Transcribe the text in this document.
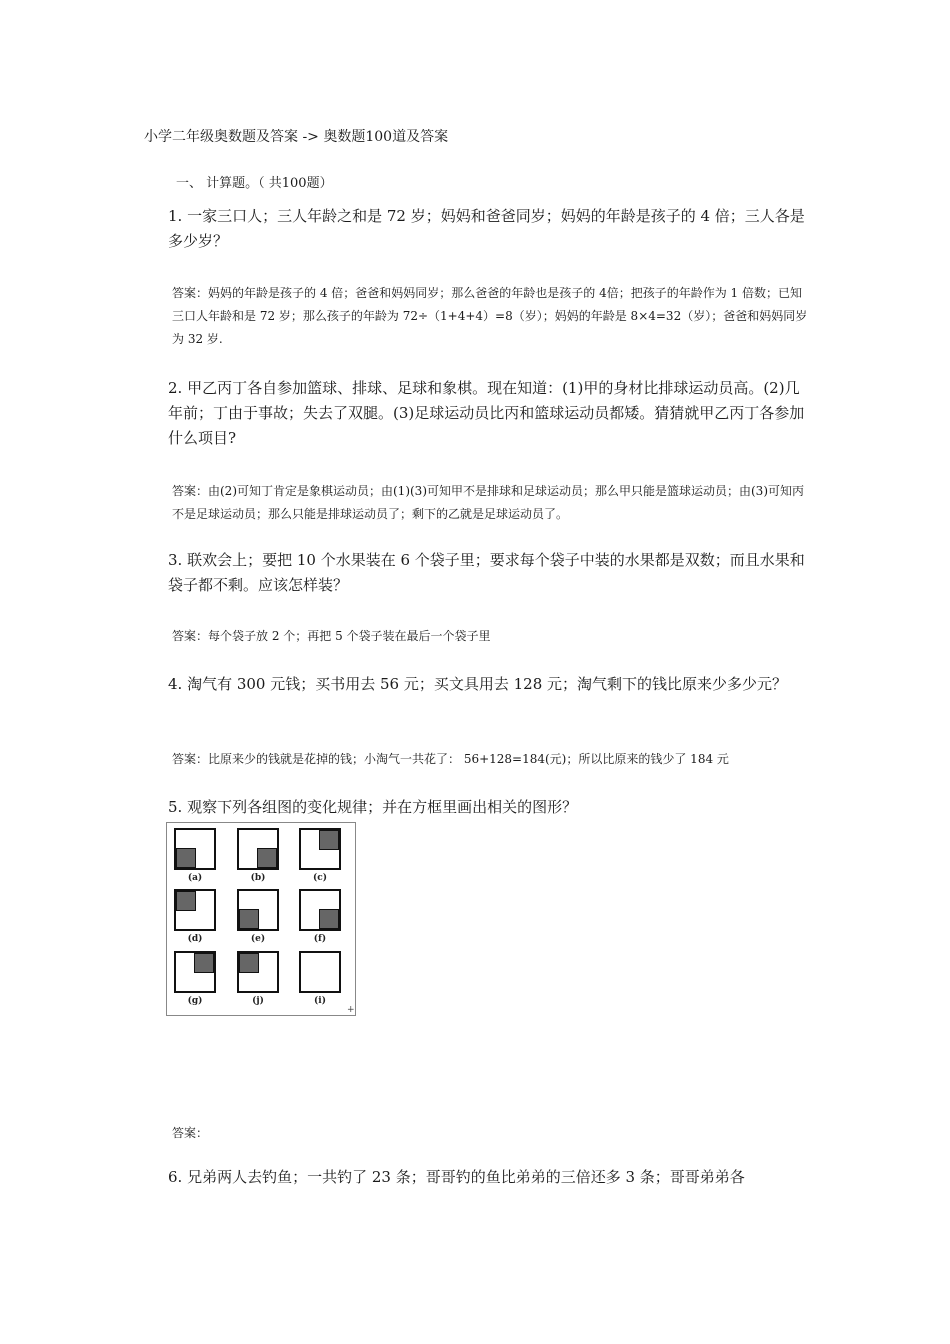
小学二年级奥数题及答案 -> 奥数题100道及答案
一、 计算题。（ 共100题）
1. 一家三口人；三人年龄之和是 72 岁；妈妈和爸爸同岁；妈妈的年龄是孩子的 4 倍；三人各是多少岁？
答案：妈妈的年龄是孩子的 4 倍；爸爸和妈妈同岁；那么爸爸的年龄也是孩子的 4倍；把孩子的年龄作为 1 倍数；已知三口人年龄和是 72 岁；那么孩子的年龄为 72÷（1+4+4）=8（岁）；妈妈的年龄是 8×4=32（岁）；爸爸和妈妈同岁为 32 岁.
2. 甲乙丙丁各自参加篮球、排球、足球和象棋。现在知道：(1)甲的身材比排球运动员高。(2)几年前；丁由于事故；失去了双腿。(3)足球运动员比丙和篮球运动员都矮。猜猜就甲乙丙丁各参加什么项目?
答案：由(2)可知丁肯定是象棋运动员；由(1)(3)可知甲不是排球和足球运动员；那么甲只能是篮球运动员；由(3)可知丙不是足球运动员；那么只能是排球运动员了；剩下的乙就是足球运动员了。
3. 联欢会上；要把 10 个水果装在 6 个袋子里；要求每个袋子中装的水果都是双数；而且水果和袋子都不剩。应该怎样装？
答案：每个袋子放 2 个；再把 5 个袋子装在最后一个袋子里
4. 淘气有 300 元钱；买书用去 56 元；买文具用去 128 元；淘气剩下的钱比原来少多少元？
答案：比原来少的钱就是花掉的钱；小淘气一共花了： 56+128=184(元)；所以比原来的钱少了 184 元
5. 观察下列各组图的变化规律；并在方框里画出相关的图形？
(a)	(b)	(c)
(d)	(e)	(f)
(g)	(j)	(i)
+
答案：
6. 兄弟两人去钓鱼；一共钓了 23 条；哥哥钓的鱼比弟弟的三倍还多 3 条；哥哥弟弟各
